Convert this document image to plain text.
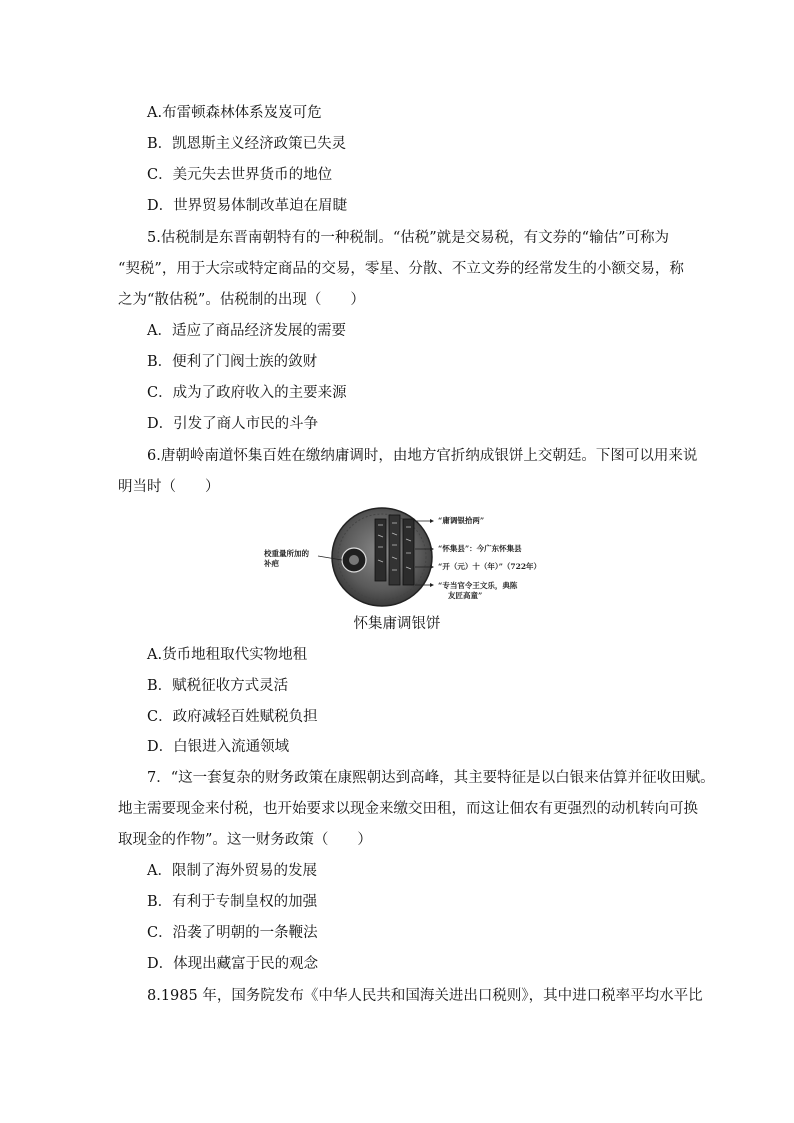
A.布雷顿森林体系岌岌可危
B．凯恩斯主义经济政策已失灵
C．美元失去世界货币的地位
D．世界贸易体制改革迫在眉睫
5.估税制是东晋南朝特有的一种税制。“估税”就是交易税，有文券的“输估”可称为
“契税”，用于大宗或特定商品的交易，零星、分散、不立文券的经常发生的小额交易，称
之为“散估税”。估税制的出现（　　）
A．适应了商品经济发展的需要
B．便利了门阀士族的敛财
C．成为了政府收入的主要来源
D．引发了商人市民的斗争
6.唐朝岭南道怀集百姓在缴纳庸调时，由地方官折纳成银饼上交朝廷。下图可以用来说
明当时（　　）
校重量所加的
补疤
“庸调银拾两”
“怀集县”：今广东怀集县
“开（元）十（年）”（722年）
“专当官令王文乐，典陈
友匠高童”
怀集庸调银饼
A.货币地租取代实物地租
B．赋税征收方式灵活
C．政府减轻百姓赋税负担
D．白银进入流通领域
7．“这一套复杂的财务政策在康熙朝达到高峰，其主要特征是以白银来估算并征收田赋。
地主需要现金来付税，也开始要求以现金来缴交田租，而这让佃农有更强烈的动机转向可换
取现金的作物”。这一财务政策（　　）
A．限制了海外贸易的发展
B．有利于专制皇权的加强
C．沿袭了明朝的一条鞭法
D．体现出藏富于民的观念
8.1985 年，国务院发布《中华人民共和国海关进出口税则》，其中进口税率平均水平比
